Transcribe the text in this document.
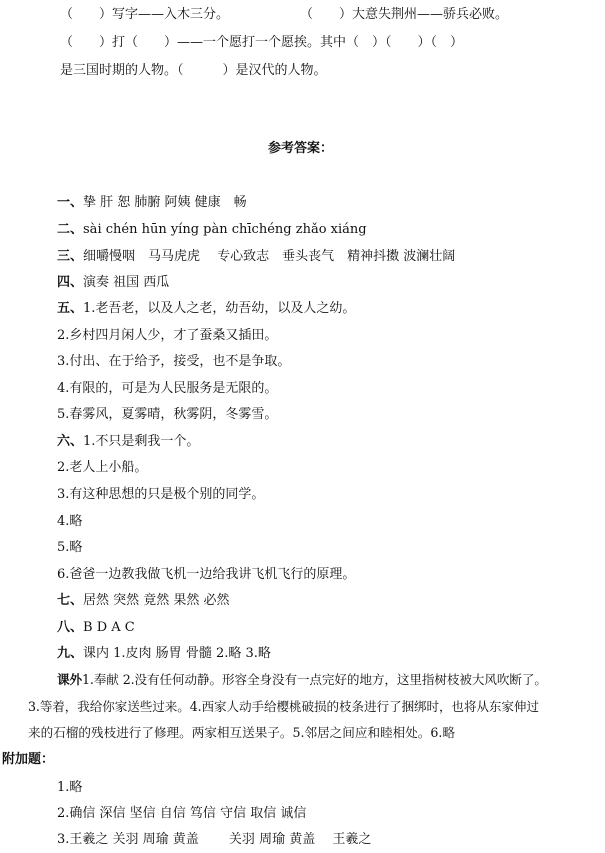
（　　）写字——入木三分。	（　　）大意失荆州——骄兵必败。
（　　）打（　　）——一个愿打一个愿挨。其中（　）（　　）（　）
是三国时期的人物。（　　　）是汉代的人物。
参考答案：
一、挚 肝 恕 肺腑 阿姨 健康　畅
二、sài chén hūn yíng pàn chīchéng zhǎo xiáng
三、细嚼慢咽　马马虎虎　 专心致志　垂头丧气　精神抖擞 波澜壮阔
四、演奏 祖国 西瓜
五、1.老吾老，以及人之老，幼吾幼，以及人之幼。
2.乡村四月闲人少，才了蚕桑又插田。
3.付出、在于给予，接受，也不是争取。
4.有限的，可是为人民服务是无限的。
5.春雾风，夏雾晴，秋雾阴，冬雾雪。
六、1.不只是剩我一个。
2.老人上小船。
3.有这种思想的只是极个别的同学。
4.略
5.略
6.爸爸一边教我做飞机一边给我讲飞机飞行的原理。
七、居然 突然 竟然 果然 必然
八、B D A C
九、课内 1.皮肉 肠胃 骨髓 2.略 3.略
课外1.奉献 2.没有任何动静。形容全身没有一点完好的地方，这里指树枝被大风吹断了。
3.等着，我给你家送些过来。4.西家人动手给樱桃破损的枝条进行了捆绑时，也将从东家伸过
来的石榴的残枝进行了修理。两家相互送果子。5.邻居之间应和睦相处。6.略
附加题：
1.略
2.确信 深信 坚信 自信 笃信 守信 取信 诚信
3.王羲之 关羽 周瑜 黄盖　　 关羽 周瑜 黄盖　 王羲之
